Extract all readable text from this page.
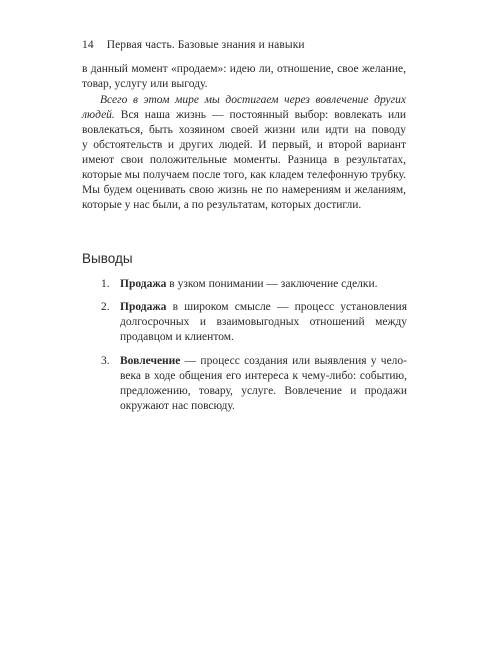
14 Первая часть. Базовые знания и навыки
в данный момент «продаем»: идею ли, отношение, свое желание,
товар, услугу или выгоду.
Всего в этом мире мы достигаем через вовлечение других
людей. Вся наша жизнь — постоянный выбор: вовлекать или
вовлекаться, быть хозяином своей жизни или идти на поводу
у обстоятельств и других людей. И первый, и второй вариант
имеют свои положительные моменты. Разница в результатах,
которые мы получаем после того, как кладем телефонную трубку.
Мы будем оценивать свою жизнь не по намерениям и желаниям,
которые у нас были, а по результатам, которых достигли.
Выводы
1. Продажа в узком понимании — заключение сделки.
2. Продажа в широком смысле — процесс установления
долгосрочных и взаимовыгодных отношений между
продавцом и клиентом.
3. Вовлечение — процесс создания или выявления у чело-
века в ходе общения его интереса к чему-либо: событию,
предложению, товару, услуге. Вовлечение и продажи
окружают нас повсюду.
